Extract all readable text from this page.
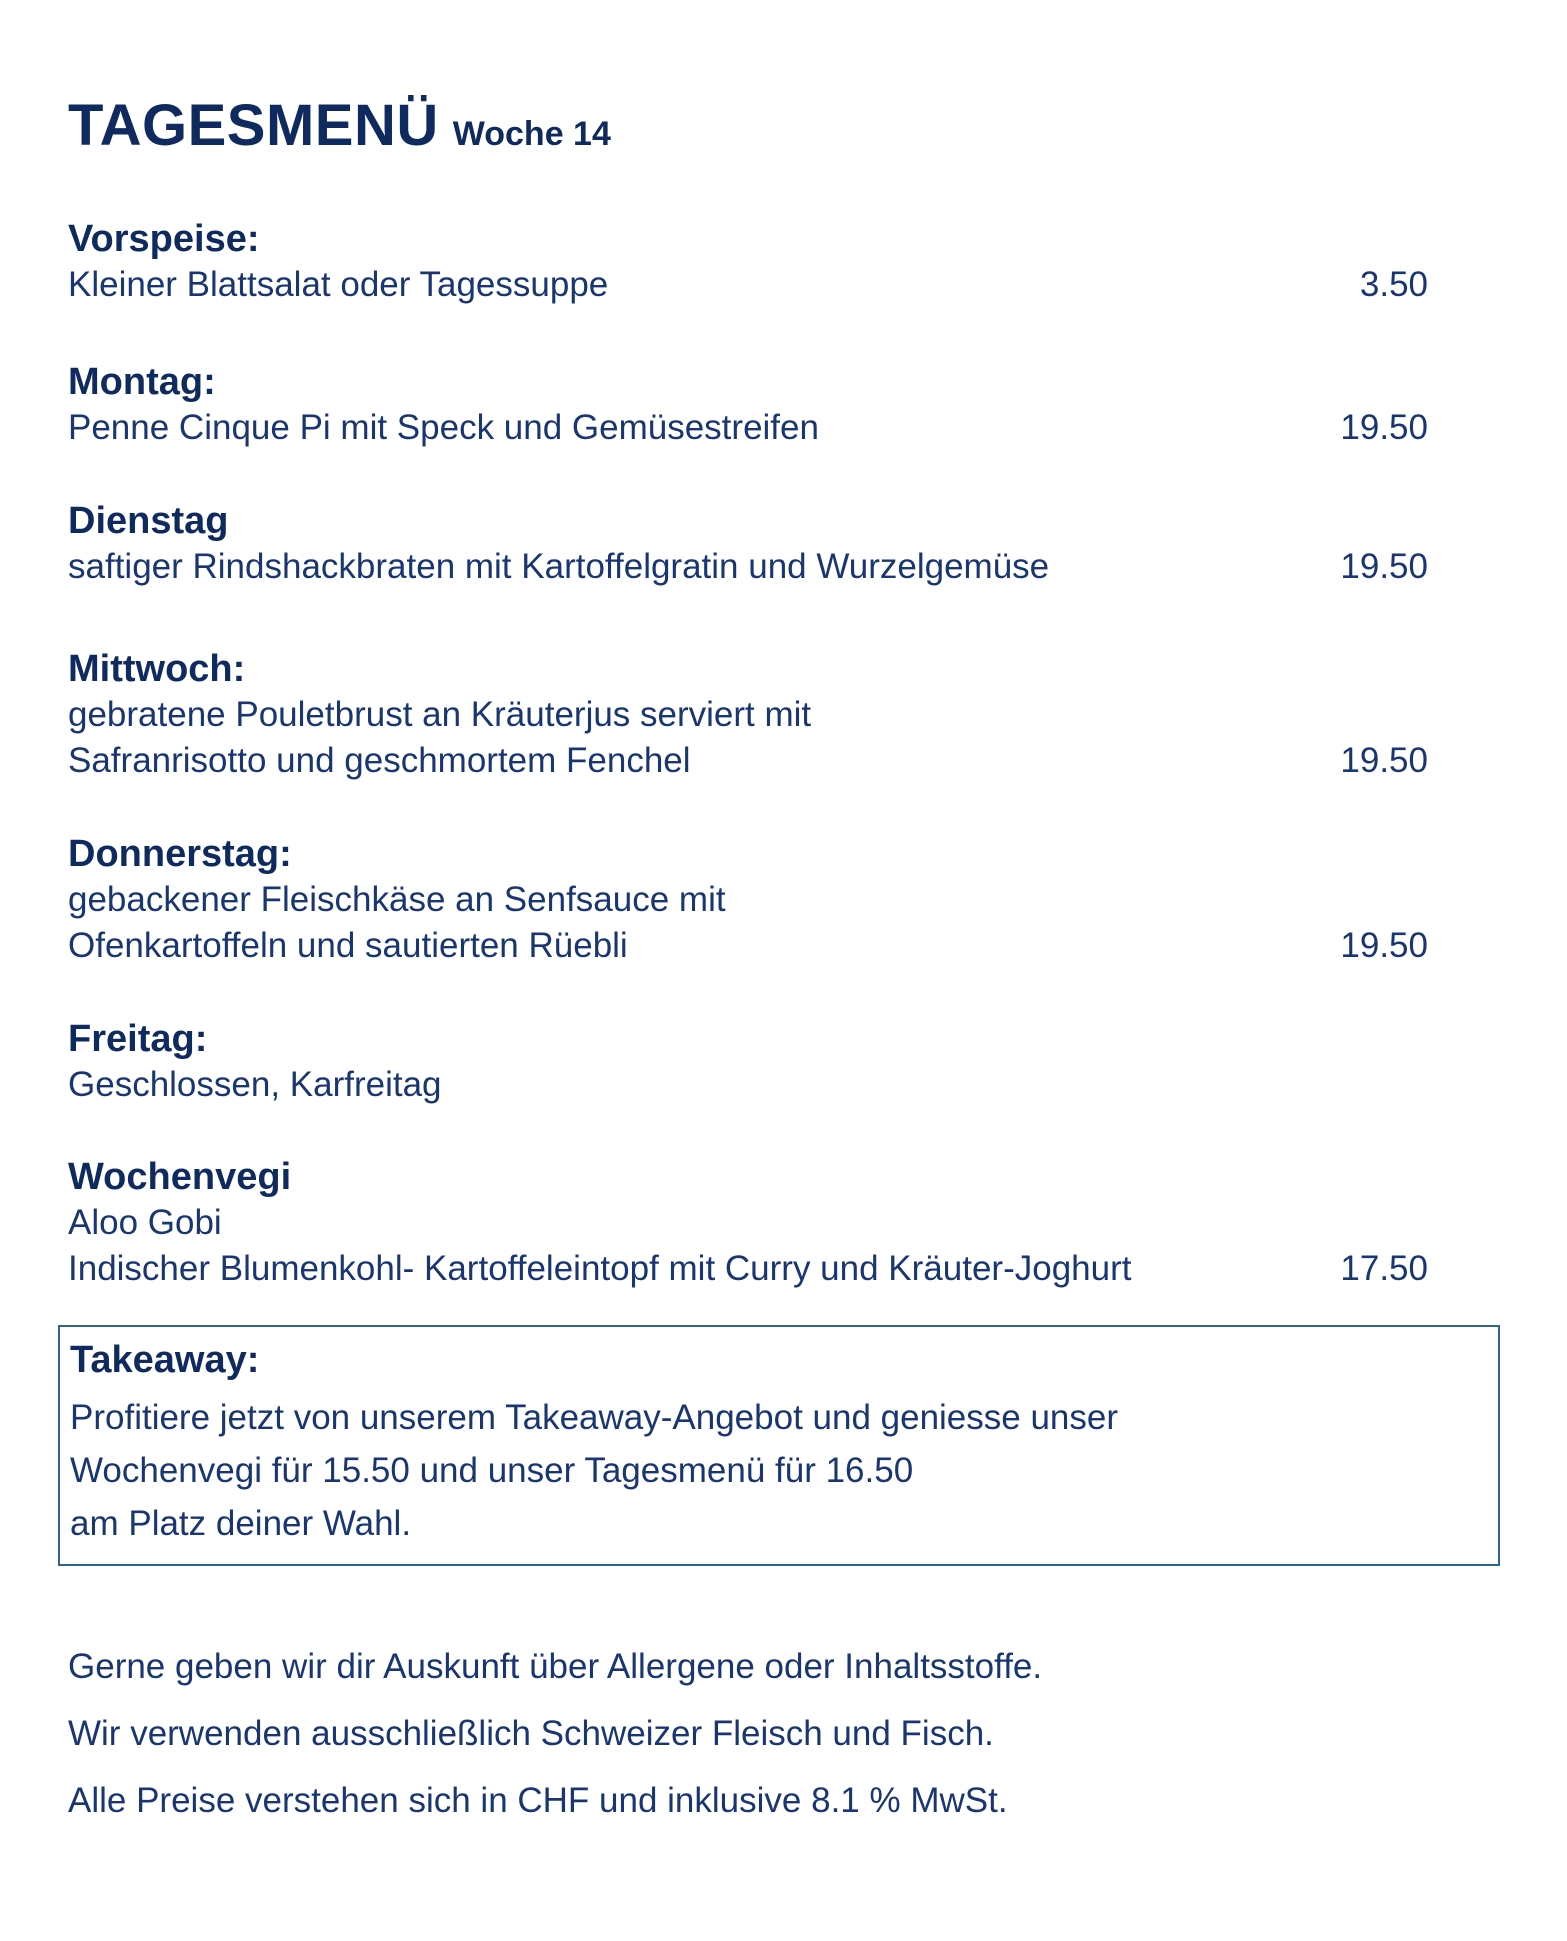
TAGESMENÜ Woche 14
Vorspeise:
Kleiner Blattsalat oder Tagessuppe	3.50
Montag:
Penne Cinque Pi mit Speck und Gemüsestreifen	19.50
Dienstag
saftiger Rindshackbraten mit Kartoffelgratin und Wurzelgemüse	19.50
Mittwoch:
gebratene Pouletbrust an Kräuterjus serviert mit
Safranrisotto und geschmortem Fenchel	19.50
Donnerstag:
gebackener Fleischkäse an Senfsauce mit
Ofenkartoffeln und sautierten Rüebli	19.50
Freitag:
Geschlossen, Karfreitag
Wochenvegi
Aloo Gobi
Indischer Blumenkohl- Kartoffeleintopf mit Curry und Kräuter-Joghurt	17.50
Takeaway:
Profitiere jetzt von unserem Takeaway-Angebot und geniesse unser
Wochenvegi für 15.50 und unser Tagesmenü für 16.50
am Platz deiner Wahl.
Gerne geben wir dir Auskunft über Allergene oder Inhaltsstoffe.
Wir verwenden ausschließlich Schweizer Fleisch und Fisch.
Alle Preise verstehen sich in CHF und inklusive 8.1 % MwSt.
